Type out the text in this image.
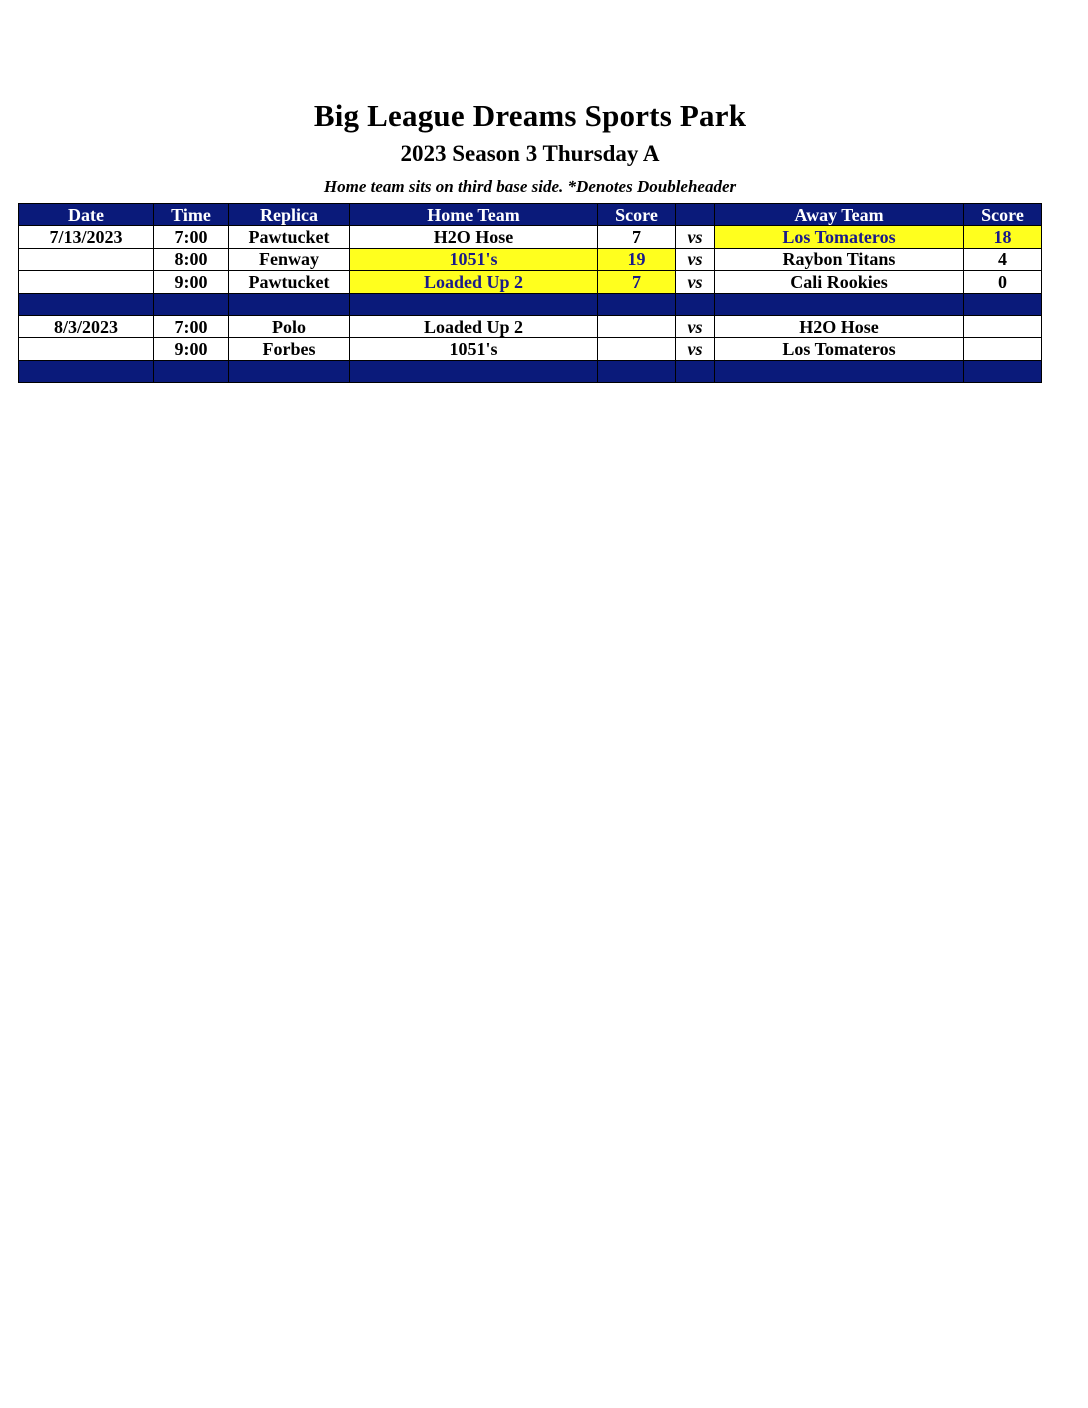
Big League Dreams Sports Park
2023 Season 3 Thursday A
Home team sits on third base side. *Denotes Doubleheader
Date	Time	Replica	Home Team	Score		Away Team	Score
7/13/2023	7:00	Pawtucket	H2O Hose	7	vs	Los Tomateros	18
	8:00	Fenway	1051's	19	vs	Raybon Titans	4
	9:00	Pawtucket	Loaded Up 2	7	vs	Cali Rookies	0

8/3/2023	7:00	Polo	Loaded Up 2		vs	H2O Hose	
	9:00	Forbes	1051's		vs	Los Tomateros	
